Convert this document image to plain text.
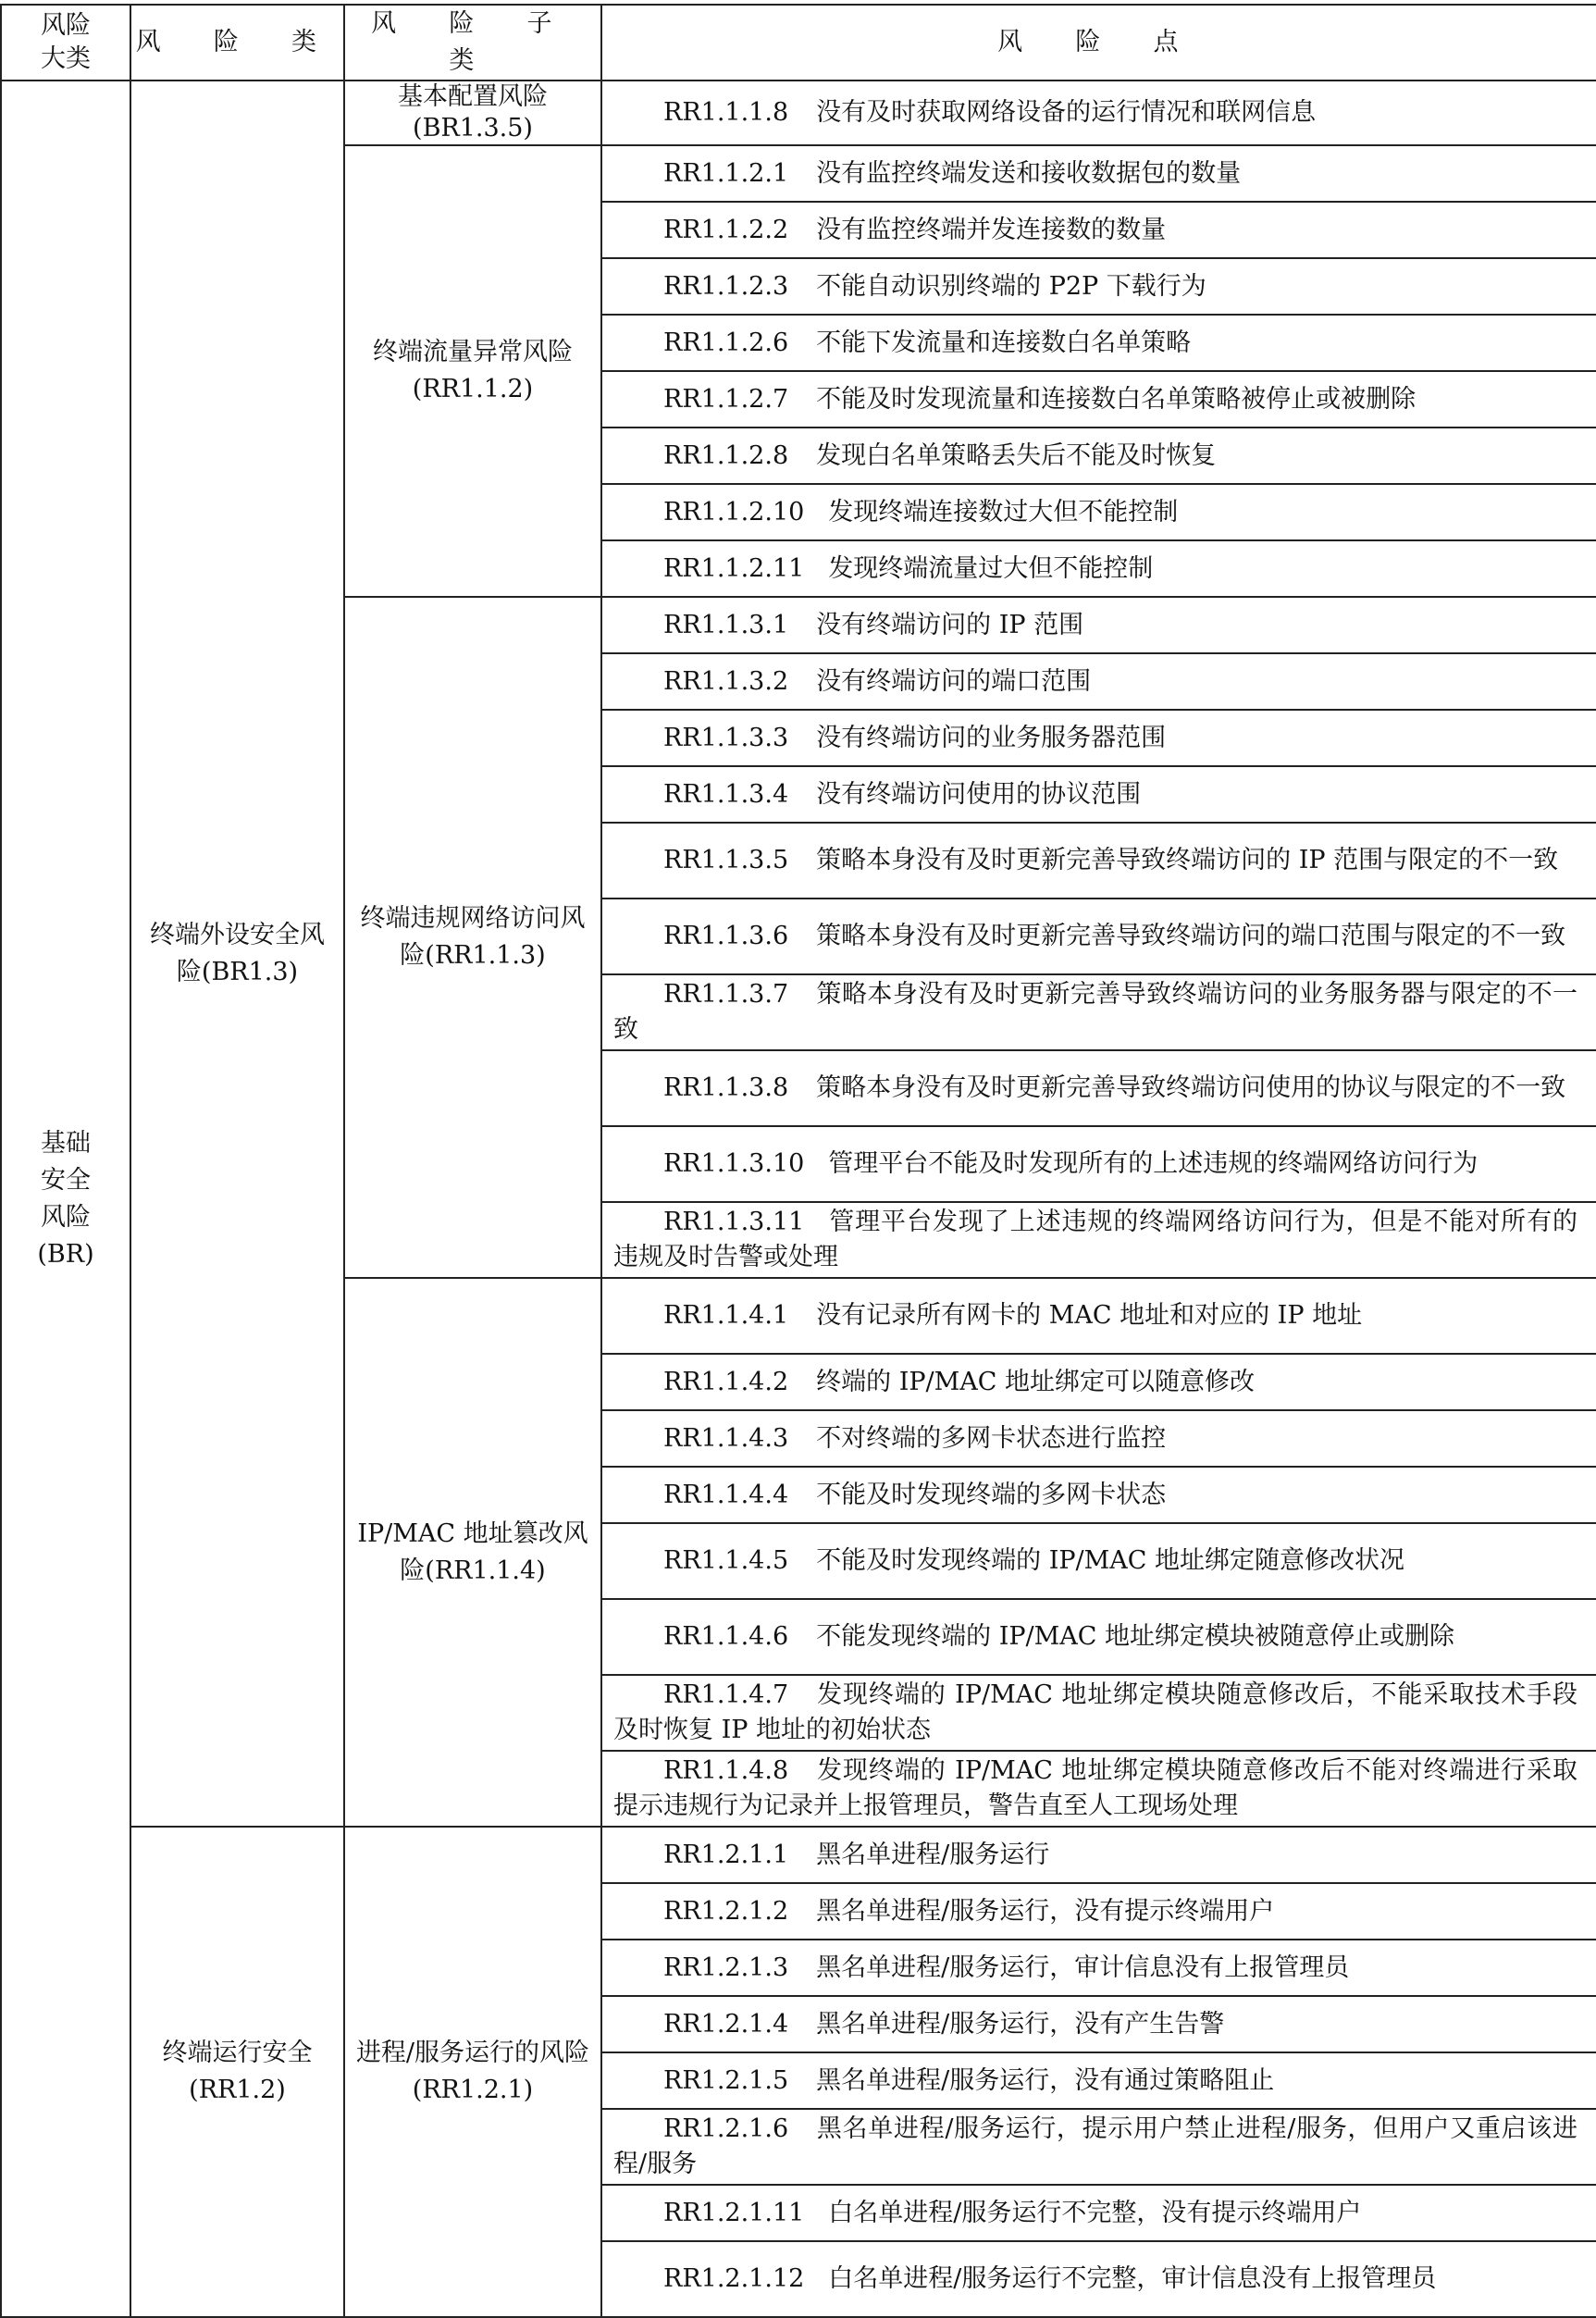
风险大类	风 险 类	风 险 子 类	风 险 点
基础安全风险(BR)	终端外设安全风险(BR1.3)	基本配置风险(BR1.3.5)	RR1.1.1.8 没有及时获取网络设备的运行情况和联网信息
		终端流量异常风险(RR1.1.2)	RR1.1.2.1 没有监控终端发送和接收数据包的数量
			RR1.1.2.2 没有监控终端并发连接数的数量
			RR1.1.2.3 不能自动识别终端的 P2P 下载行为
			RR1.1.2.6 不能下发流量和连接数白名单策略
			RR1.1.2.7 不能及时发现流量和连接数白名单策略被停止或被删除
			RR1.1.2.8 发现白名单策略丢失后不能及时恢复
			RR1.1.2.10 发现终端连接数过大但不能控制
			RR1.1.2.11 发现终端流量过大但不能控制
		终端违规网络访问风险(RR1.1.3)	RR1.1.3.1 没有终端访问的 IP 范围
			RR1.1.3.2 没有终端访问的端口范围
			RR1.1.3.3 没有终端访问的业务服务器范围
			RR1.1.3.4 没有终端访问使用的协议范围
			RR1.1.3.5 策略本身没有及时更新完善导致终端访问的 IP 范围与限定的不一致
			RR1.1.3.6 策略本身没有及时更新完善导致终端访问的端口范围与限定的不一致
			RR1.1.3.7 策略本身没有及时更新完善导致终端访问的业务服务器与限定的不一致
			RR1.1.3.8 策略本身没有及时更新完善导致终端访问使用的协议与限定的不一致
			RR1.1.3.10 管理平台不能及时发现所有的上述违规的终端网络访问行为
			RR1.1.3.11 管理平台发现了上述违规的终端网络访问行为，但是不能对所有的违规及时告警或处理
		IP/MAC 地址篡改风险(RR1.1.4)	RR1.1.4.1 没有记录所有网卡的 MAC 地址和对应的 IP 地址
			RR1.1.4.2 终端的 IP/MAC 地址绑定可以随意修改
			RR1.1.4.3 不对终端的多网卡状态进行监控
			RR1.1.4.4 不能及时发现终端的多网卡状态
			RR1.1.4.5 不能及时发现终端的 IP/MAC 地址绑定随意修改状况
			RR1.1.4.6 不能发现终端的 IP/MAC 地址绑定模块被随意停止或删除
			RR1.1.4.7 发现终端的 IP/MAC 地址绑定模块随意修改后，不能采取技术手段及时恢复 IP 地址的初始状态
			RR1.1.4.8 发现终端的 IP/MAC 地址绑定模块随意修改后不能对终端进行采取提示违规行为记录并上报管理员，警告直至人工现场处理
	终端运行安全(RR1.2)	进程/服务运行的风险(RR1.2.1)	RR1.2.1.1 黑名单进程/服务运行
			RR1.2.1.2 黑名单进程/服务运行，没有提示终端用户
			RR1.2.1.3 黑名单进程/服务运行，审计信息没有上报管理员
			RR1.2.1.4 黑名单进程/服务运行，没有产生告警
			RR1.2.1.5 黑名单进程/服务运行，没有通过策略阻止
			RR1.2.1.6 黑名单进程/服务运行，提示用户禁止进程/服务，但用户又重启该进程/服务
			RR1.2.1.11 白名单进程/服务运行不完整，没有提示终端用户
			RR1.2.1.12 白名单进程/服务运行不完整，审计信息没有上报管理员
